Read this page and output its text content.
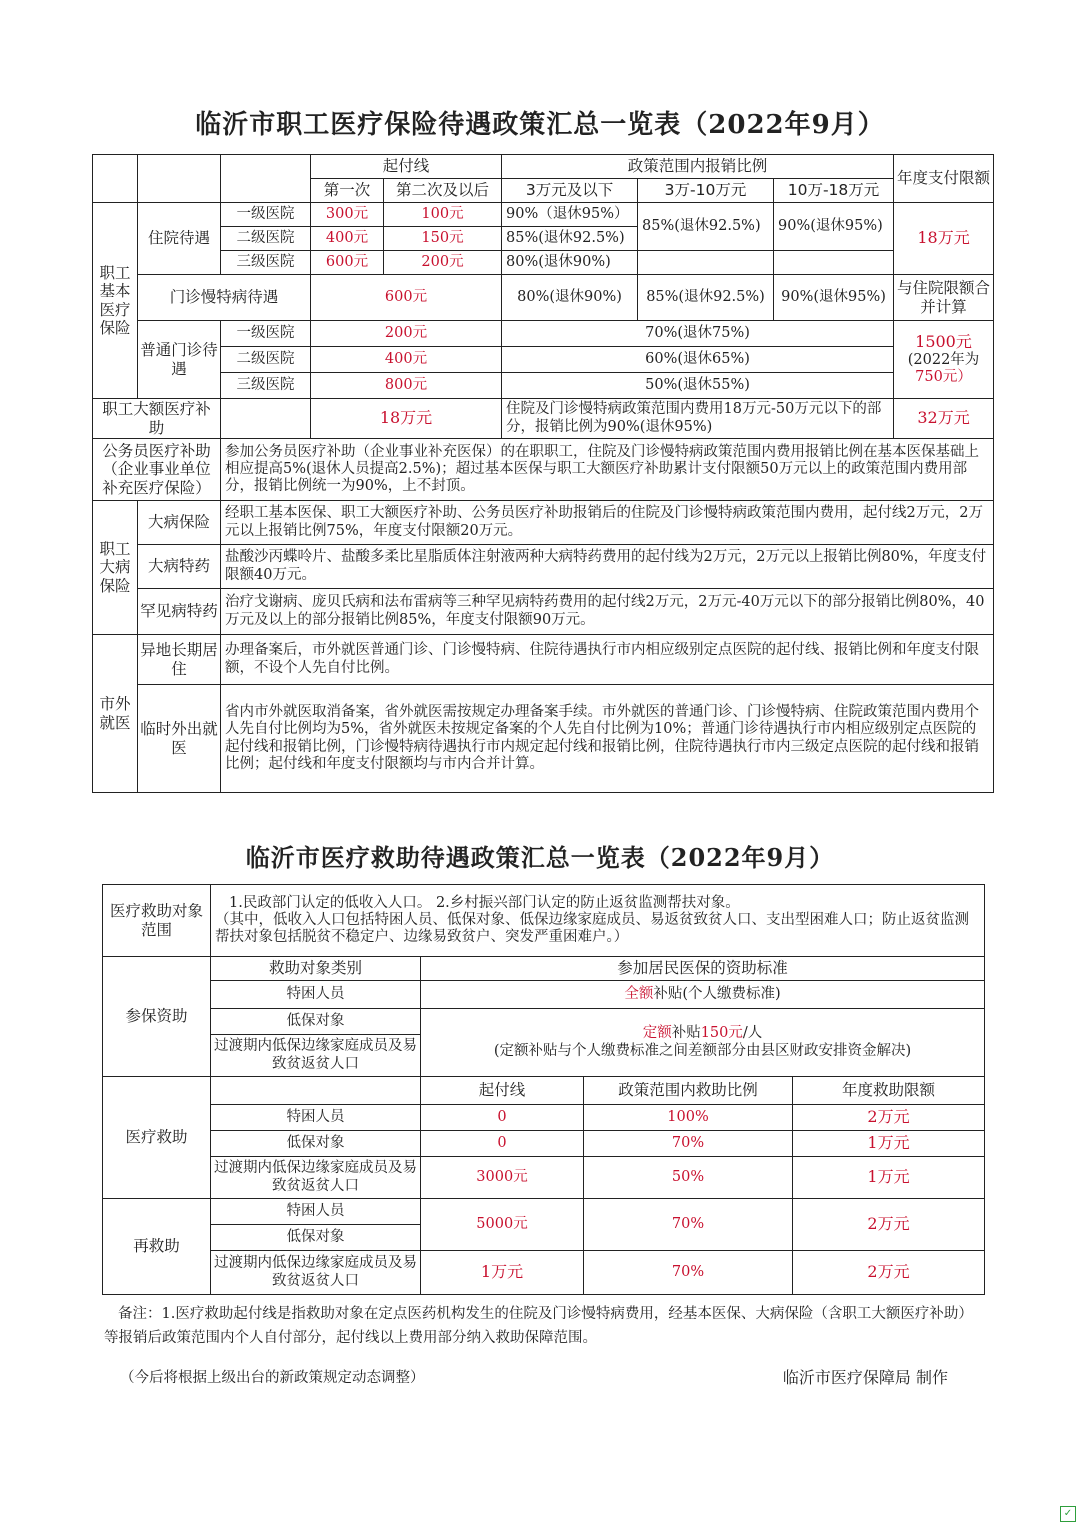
临沂市职工医疗保险待遇政策汇总一览表（2022年9月）
			起付线		政策范围内报销比例			年度支付限额
			第一次	第二次及以后	3万元及以下	3万-10万元	10万-18万元	
职工基本医疗保险	住院待遇	一级医院	300元	100元	90%（退休95%）	85%(退休92.5%)	90%(退休95%)	18万元
		二级医院	400元	150元	85%(退休92.5%)			
		三级医院	600元	200元	80%(退休90%)			
	门诊慢特病待遇		600元		80%(退休90%)	85%(退休92.5%)	90%(退休95%)	与住院限额合并计算
	普通门诊待遇	一级医院	200元		70%(退休75%)			1500元
(2022年为
750元）

		二级医院	400元		60%(退休65%)			
		三级医院	800元		50%(退休55%)			
职工大额医疗补助			18万元		住院及门诊慢特病政策范围内费用18万元-50万元以下的部分，报销比例为90%(退休95%)			32万元
公务员医疗补助（企业事业单位补充医疗保险）		参加公务员医疗补助（企业事业补充医保）的在职职工，住院及门诊慢特病政策范围内费用报销比例在基本医保基础上相应提高5%(退休人员提高2.5%)；超过基本医保与职工大额医疗补助累计支付限额50万元以上的政策范围内费用部分，报销比例统一为90%，上不封顶。						
职工大病保险	大病保险	经职工基本医保、职工大额医疗补助、公务员医疗补助报销后的住院及门诊慢特病政策范围内费用，起付线2万元，2万元以上报销比例75%，年度支付限额20万元。						
	大病特药	盐酸沙丙蝶呤片、盐酸多柔比星脂质体注射液两种大病特药费用的起付线为2万元，2万元以上报销比例80%，年度支付限额40万元。						
	罕见病特药	治疗戈谢病、庞贝氏病和法布雷病等三种罕见病特药费用的起付线2万元，2万元-40万元以下的部分报销比例80%，40万元及以上的部分报销比例85%，年度支付限额90万元。						
市外就医	异地长期居住	办理备案后，市外就医普通门诊、门诊慢特病、住院待遇执行市内相应级别定点医院的起付线、报销比例和年度支付限额，不设个人先自付比例。						
	临时外出就医	省内市外就医取消备案，省外就医需按规定办理备案手续。市外就医的普通门诊、门诊慢特病、住院政策范围内费用个人先自付比例均为5%，省外就医未按规定备案的个人先自付比例为10%；普通门诊待遇执行市内相应级别定点医院的起付线和报销比例，门诊慢特病待遇执行市内规定起付线和报销比例，住院待遇执行市内三级定点医院的起付线和报销比例；起付线和年度支付限额均与市内合并计算。						
临沂市医疗救助待遇政策汇总一览表（2022年9月）
医疗救助对象范围	1.民政部门认定的低收入人口。 2.乡村振兴部门认定的防止返贫监测帮扶对象。
（其中，低收入人口包括特困人员、低保对象、低保边缘家庭成员、易返贫致贫人口、支出型困难人口；防止返贫监测帮扶对象包括脱贫不稳定户、边缘易致贫户、突发严重困难户。）			

参保资助	救助对象类别	参加居民医保的资助标准		
	特困人员	全额补贴(个人缴费标准)		
	低保对象	定额补贴150元/人
(定额补贴与个人缴费标准之间差额部分由县区财政安排资金解决)		

	过渡期内低保边缘家庭成员及易致贫返贫人口			
医疗救助		起付线	政策范围内救助比例	年度救助限额
	特困人员	0	100%	2万元
	低保对象	0	70%	1万元
	过渡期内低保边缘家庭成员及易致贫返贫人口	3000元	50%	1万元
再救助	特困人员	5000元	70%	2万元
	低保对象			
	过渡期内低保边缘家庭成员及易致贫返贫人口	1万元	70%	2万元
备注：1.医疗救助起付线是指救助对象在定点医药机构发生的住院及门诊慢特病费用，经基本医保、大病保险（含职工大额医疗补助）等报销后政策范围内个人自付部分，起付线以上费用部分纳入救助保障范围。
（今后将根据上级出台的新政策规定动态调整）	临沂市医疗保障局 制作
✓
